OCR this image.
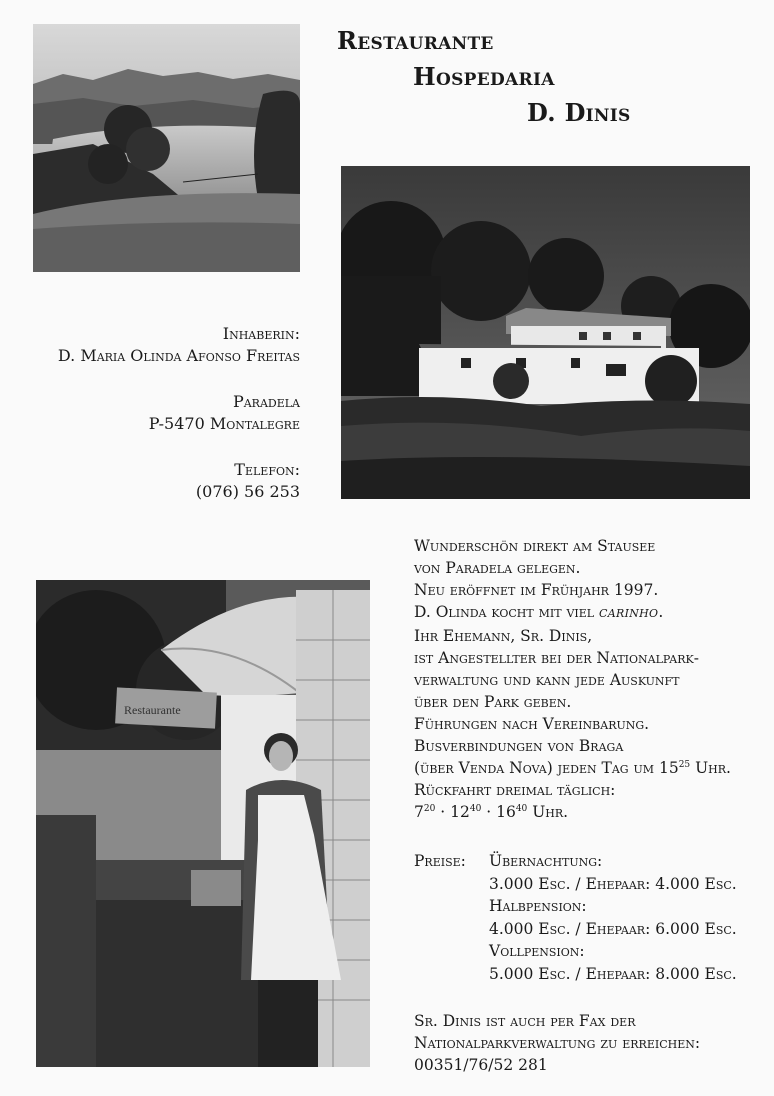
Restaurante
Hospedaria
D. Dinis
Inhaberin:
D. Maria Olinda Afonso Freitas
Paradela
P-5470 Montalegre
Telefon:
(076) 56 253
Restaurante
Wunderschön direkt am Stausee
von Paradela gelegen.
Neu eröffnet im Frühjahr 1997.
D. Olinda kocht mit viel CARINHO.
Ihr Ehemann, Sr. Dinis,
ist Angestellter bei der Nationalpark-
verwaltung und kann jede Auskunft
über den Park geben.
Führungen nach Vereinbarung.
Busverbindungen von Braga
(über Venda Nova) jeden Tag um $15^{25}$ Uhr.
Rückfahrt dreimal täglich:
$7^{20} \cdot 12^{40} \cdot 16^{40}$ Uhr.
Preise: Übernachtung:
3.000 Esc. / Ehepaar: 4.000 Esc.
Halbpension:
4.000 Esc. / Ehepaar: 6.000 Esc.
Vollpension:
5.000 Esc. / Ehepaar: 8.000 Esc.
Sr. Dinis ist auch per Fax der
Nationalparkverwaltung zu erreichen:
00351/76/52 281
